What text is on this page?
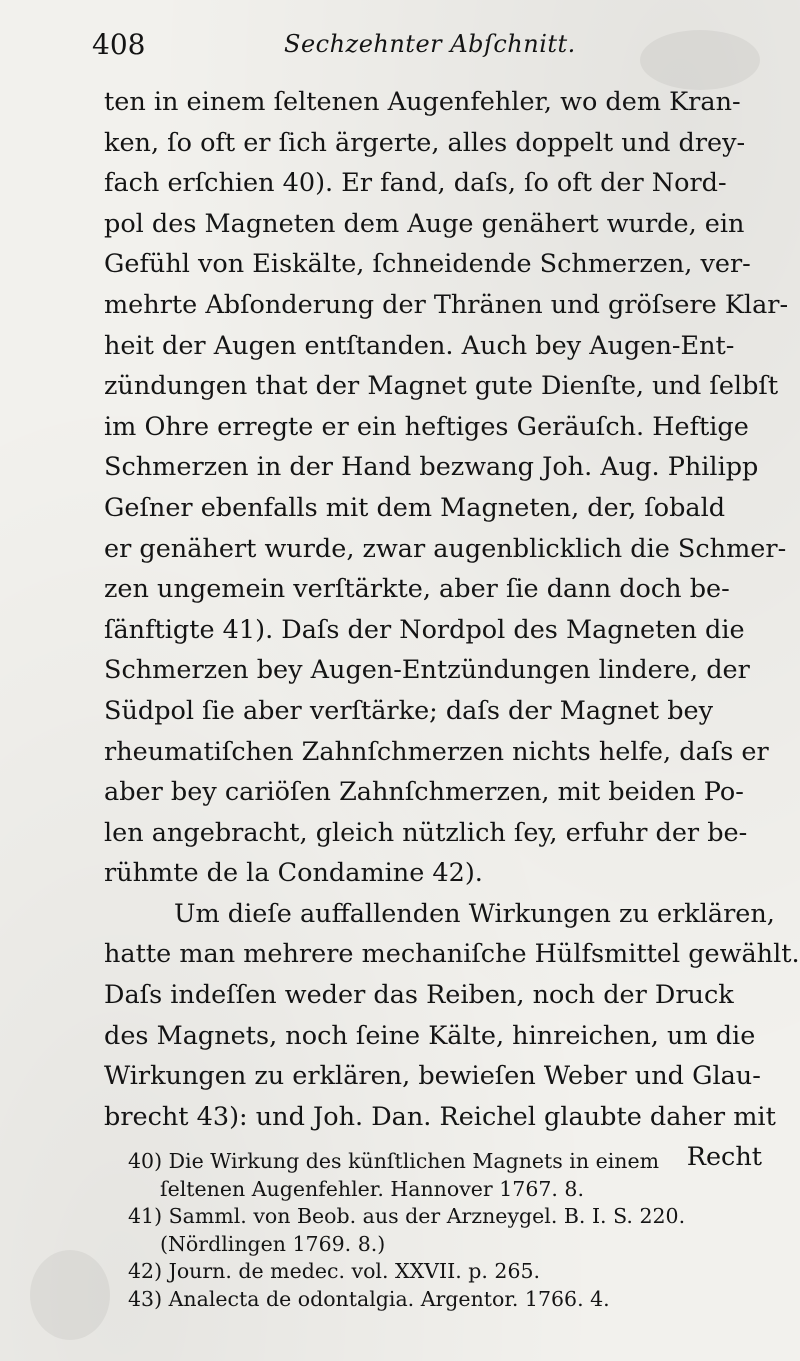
408	Sechzehnter Abſchnitt.
ten in einem ſeltenen Augenfehler, wo dem Kran-
ken, ſo oft er ſich ärgerte, alles doppelt und drey-
fach erſchien 40). Er fand, daſs, ſo oft der Nord-
pol des Magneten dem Auge genähert wurde, ein
Gefühl von Eiskälte, ſchneidende Schmerzen, ver-
mehrte Abſonderung der Thränen und gröſsere Klar-
heit der Augen entſtanden. Auch bey Augen-Ent-
zündungen that der Magnet gute Dienſte, und ſelbſt
im Ohre erregte er ein heftiges Geräuſch. Heftige
Schmerzen in der Hand bezwang Joh. Aug. Philipp
Geſner ebenfalls mit dem Magneten, der, ſobald
er genähert wurde, zwar augenblicklich die Schmer-
zen ungemein verſtärkte, aber ſie dann doch be-
ſänftigte 41). Daſs der Nordpol des Magneten die
Schmerzen bey Augen-Entzündungen lindere, der
Südpol ſie aber verſtärke; daſs der Magnet bey
rheumatiſchen Zahnſchmerzen nichts helfe, daſs er
aber bey cariöſen Zahnſchmerzen, mit beiden Po-
len angebracht, gleich nützlich ſey, erfuhr der be-
rühmte de la Condamine 42).
Um dieſe auffallenden Wirkungen zu erklären,
hatte man mehrere mechaniſche Hülfsmittel gewählt.
Daſs indeſſen weder das Reiben, noch der Druck
des Magnets, noch ſeine Kälte, hinreichen, um die
Wirkungen zu erklären, bewieſen Weber und Glau-
brecht 43): und Joh. Dan. Reichel glaubte daher mit
Recht
40) Die Wirkung des künſtlichen Magnets in einem
ſeltenen Augenfehler. Hannover 1767. 8.
41) Samml. von Beob. aus der Arzneygel. B. I. S. 220.
(Nördlingen 1769. 8.)
42) Journ. de medec. vol. XXVII. p. 265.
43) Analecta de odontalgia. Argentor. 1766. 4.
